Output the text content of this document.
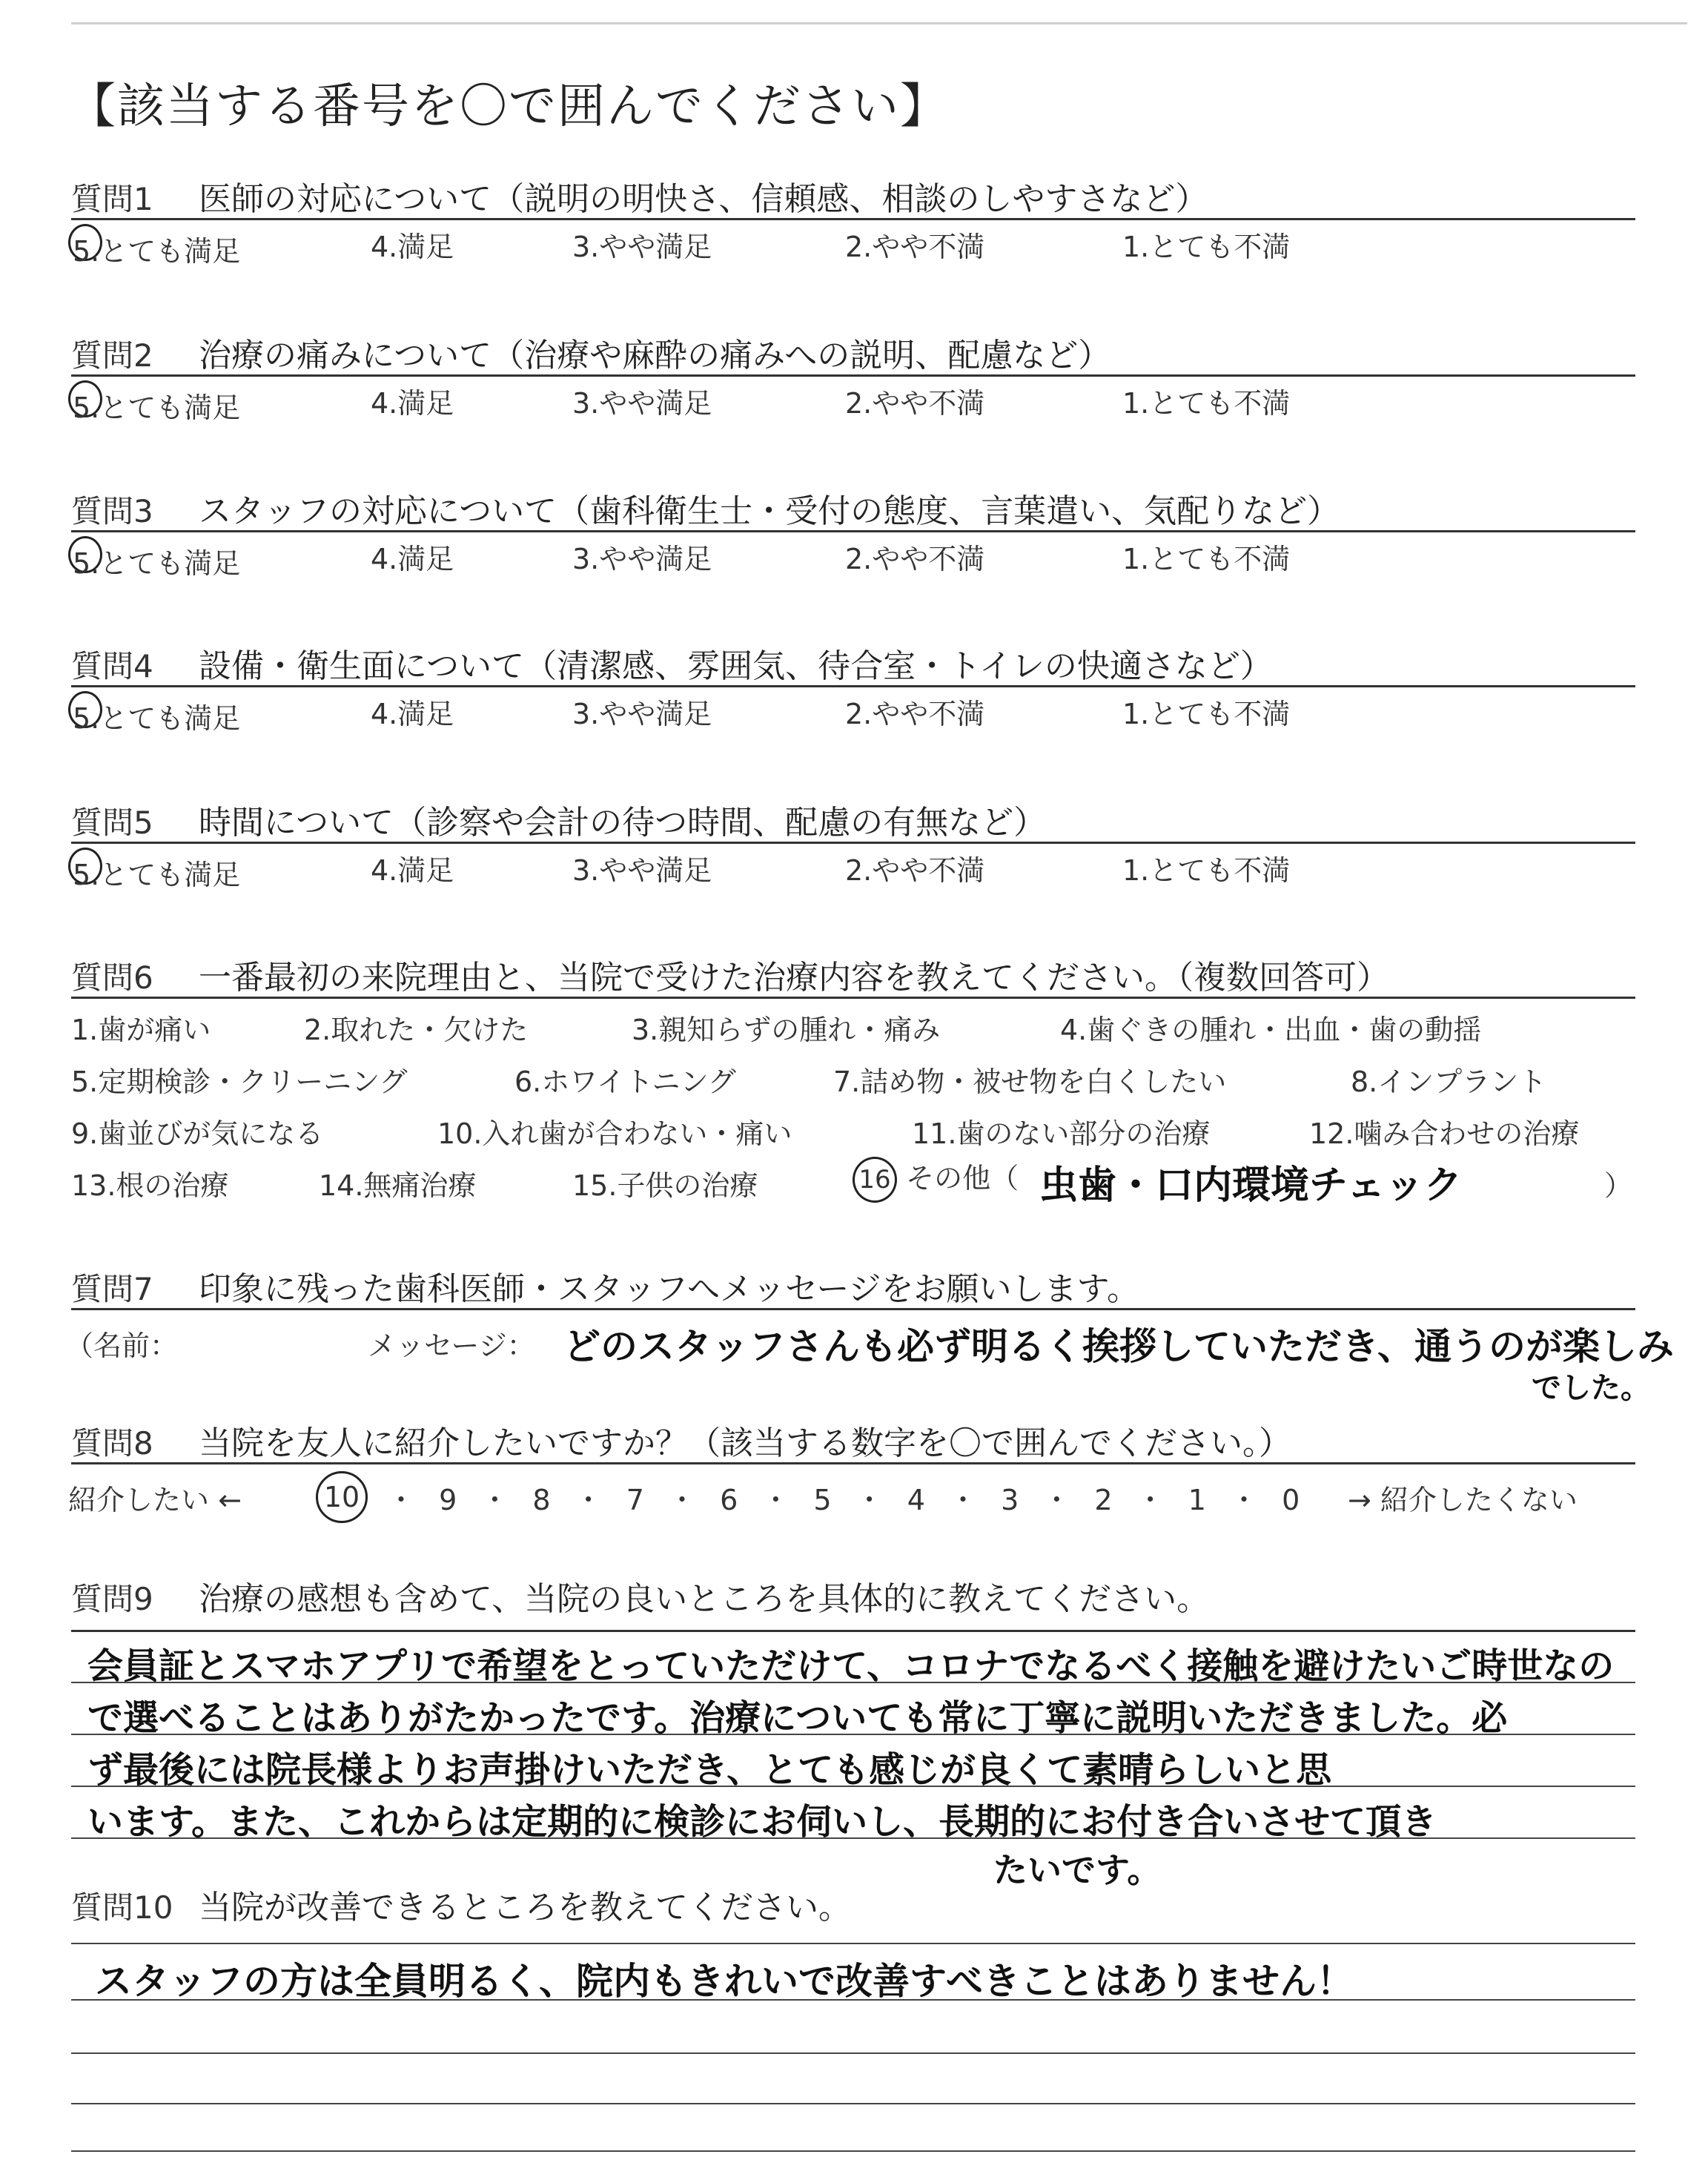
【該当する番号を〇で囲んでください】
質問1 医師の対応について（説明の明快さ、信頼感、相談のしやすさなど）
5.とても満足	4.満足	3.やや満足	2.やや不満	1.とても不満
質問2 治療の痛みについて（治療や麻酔の痛みへの説明、配慮など）
5.とても満足	4.満足	3.やや満足	2.やや不満	1.とても不満
質問3 スタッフの対応について（歯科衛生士・受付の態度、言葉遣い、気配りなど）
5.とても満足	4.満足	3.やや満足	2.やや不満	1.とても不満
質問4 設備・衛生面について（清潔感、雰囲気、待合室・トイレの快適さなど）
5.とても満足	4.満足	3.やや満足	2.やや不満	1.とても不満
質問5 時間について（診察や会計の待つ時間、配慮の有無など）
5.とても満足	4.満足	3.やや満足	2.やや不満	1.とても不満
質問6 一番最初の来院理由と、当院で受けた治療内容を教えてください。（複数回答可）
1.歯が痛い	2.取れた・欠けた	3.親知らずの腫れ・痛み	4.歯ぐきの腫れ・出血・歯の動揺
5.定期検診・クリーニング	6.ホワイトニング	7.詰め物・被せ物を白くしたい	8.インプラント
9.歯並びが気になる	10.入れ歯が合わない・痛い	11.歯のない部分の治療	12.噛み合わせの治療
13.根の治療	14.無痛治療	15.子供の治療	16 その他（ 虫歯・口内環境チェック	）
質問7 印象に残った歯科医師・スタッフへメッセージをお願いします。
（名前：	メッセージ： どのスタッフさんも必ず明るく挨拶していただき、通うのが楽しみ
でした。
質問8 当院を友人に紹介したいですか？（該当する数字を〇で囲んでください。）
紹介したい ←	10 ・ 9 ・ 8 ・ 7 ・ 6 ・ 5 ・ 4 ・ 3 ・ 2 ・ 1 ・ 0 → 紹介したくない
質問9 治療の感想も含めて、当院の良いところを具体的に教えてください。
会員証とスマホアプリで希望をとっていただけて、コロナでなるべく接触を避けたいご時世なの
で選べることはありがたかったです。治療についても常に丁寧に説明いただきました。必
ず最後には院長様よりお声掛けいただき、とても感じが良くて素晴らしいと思
います。また、これからは定期的に検診にお伺いし、長期的にお付き合いさせて頂き
たいです。
質問10 当院が改善できるところを教えてください。
スタッフの方は全員明るく、院内もきれいで改善すべきことはありません！
